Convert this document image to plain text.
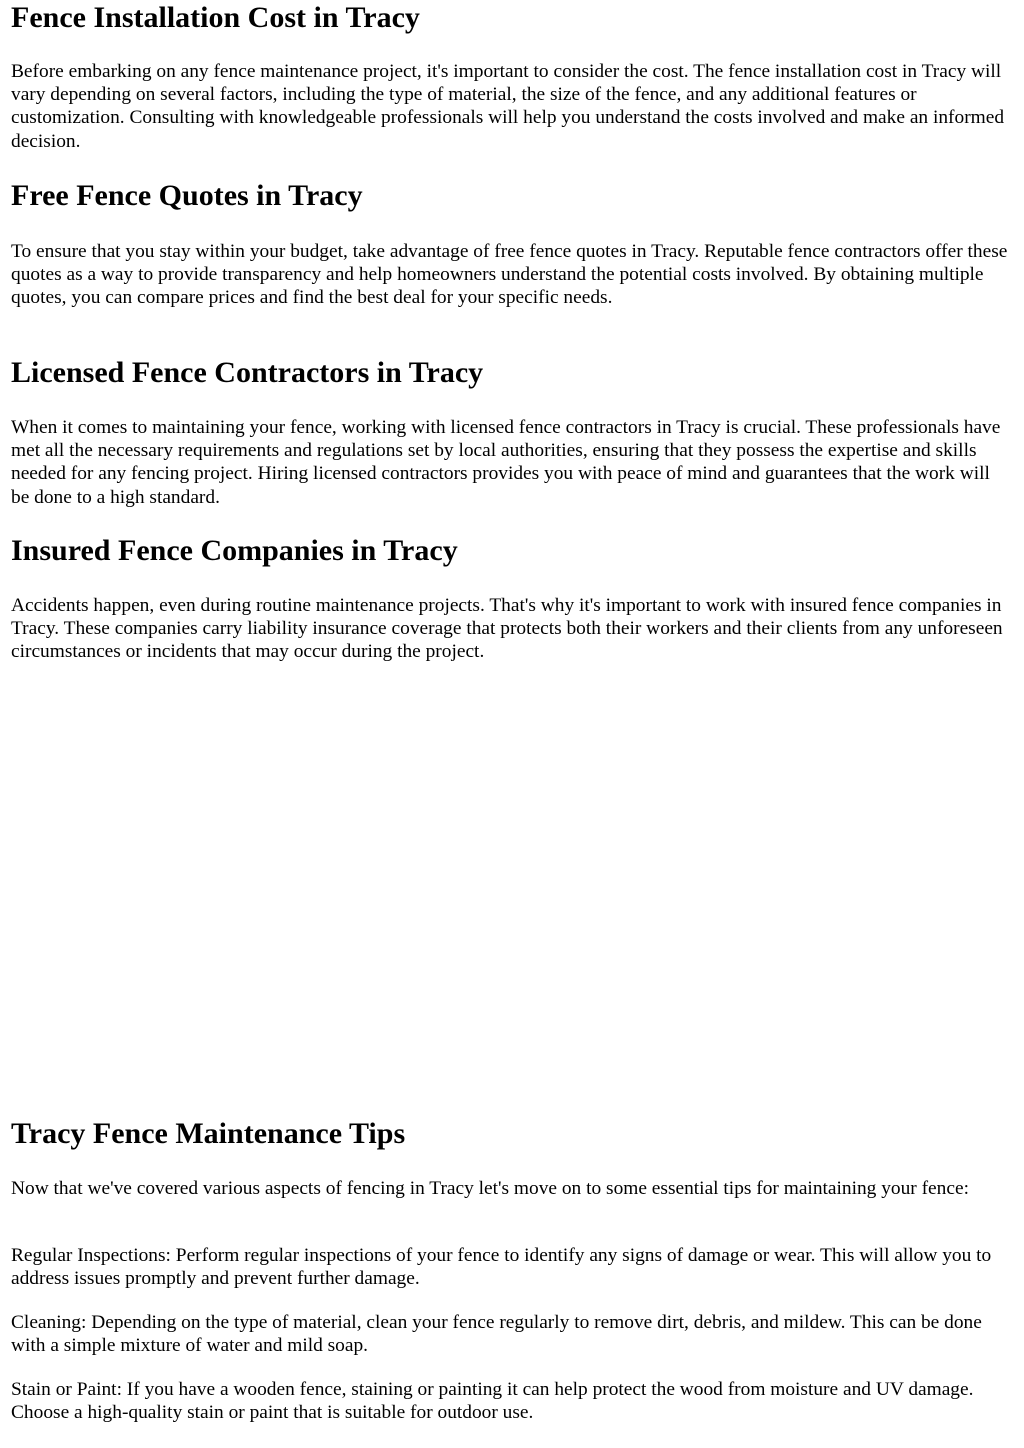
Fence Installation Cost in Tracy

Before embarking on any fence maintenance project, it's important to consider the cost. The fence installation cost in Tracy will vary depending on several factors, including the type of material, the size of the fence, and any additional features or customization. Consulting with knowledgeable professionals will help you understand the costs involved and make an informed decision.

Free Fence Quotes in Tracy

To ensure that you stay within your budget, take advantage of free fence quotes in Tracy. Reputable fence contractors offer these quotes as a way to provide transparency and help homeowners understand the potential costs involved. By obtaining multiple quotes, you can compare prices and find the best deal for your specific needs.

Licensed Fence Contractors in Tracy

When it comes to maintaining your fence, working with licensed fence contractors in Tracy is crucial. These professionals have met all the necessary requirements and regulations set by local authorities, ensuring that they possess the expertise and skills needed for any fencing project. Hiring licensed contractors provides you with peace of mind and guarantees that the work will be done to a high standard.

Insured Fence Companies in Tracy

Accidents happen, even during routine maintenance projects. That's why it's important to work with insured fence companies in Tracy. These companies carry liability insurance coverage that protects both their workers and their clients from any unforeseen circumstances or incidents that may occur during the project.

Tracy Fence Maintenance Tips

Now that we've covered various aspects of fencing in Tracy let's move on to some essential tips for maintaining your fence:

Regular Inspections: Perform regular inspections of your fence to identify any signs of damage or wear. This will allow you to address issues promptly and prevent further damage.

Cleaning: Depending on the type of material, clean your fence regularly to remove dirt, debris, and mildew. This can be done with a simple mixture of water and mild soap.

Stain or Paint: If you have a wooden fence, staining or painting it can help protect the wood from moisture and UV damage. Choose a high-quality stain or paint that is suitable for outdoor use.
